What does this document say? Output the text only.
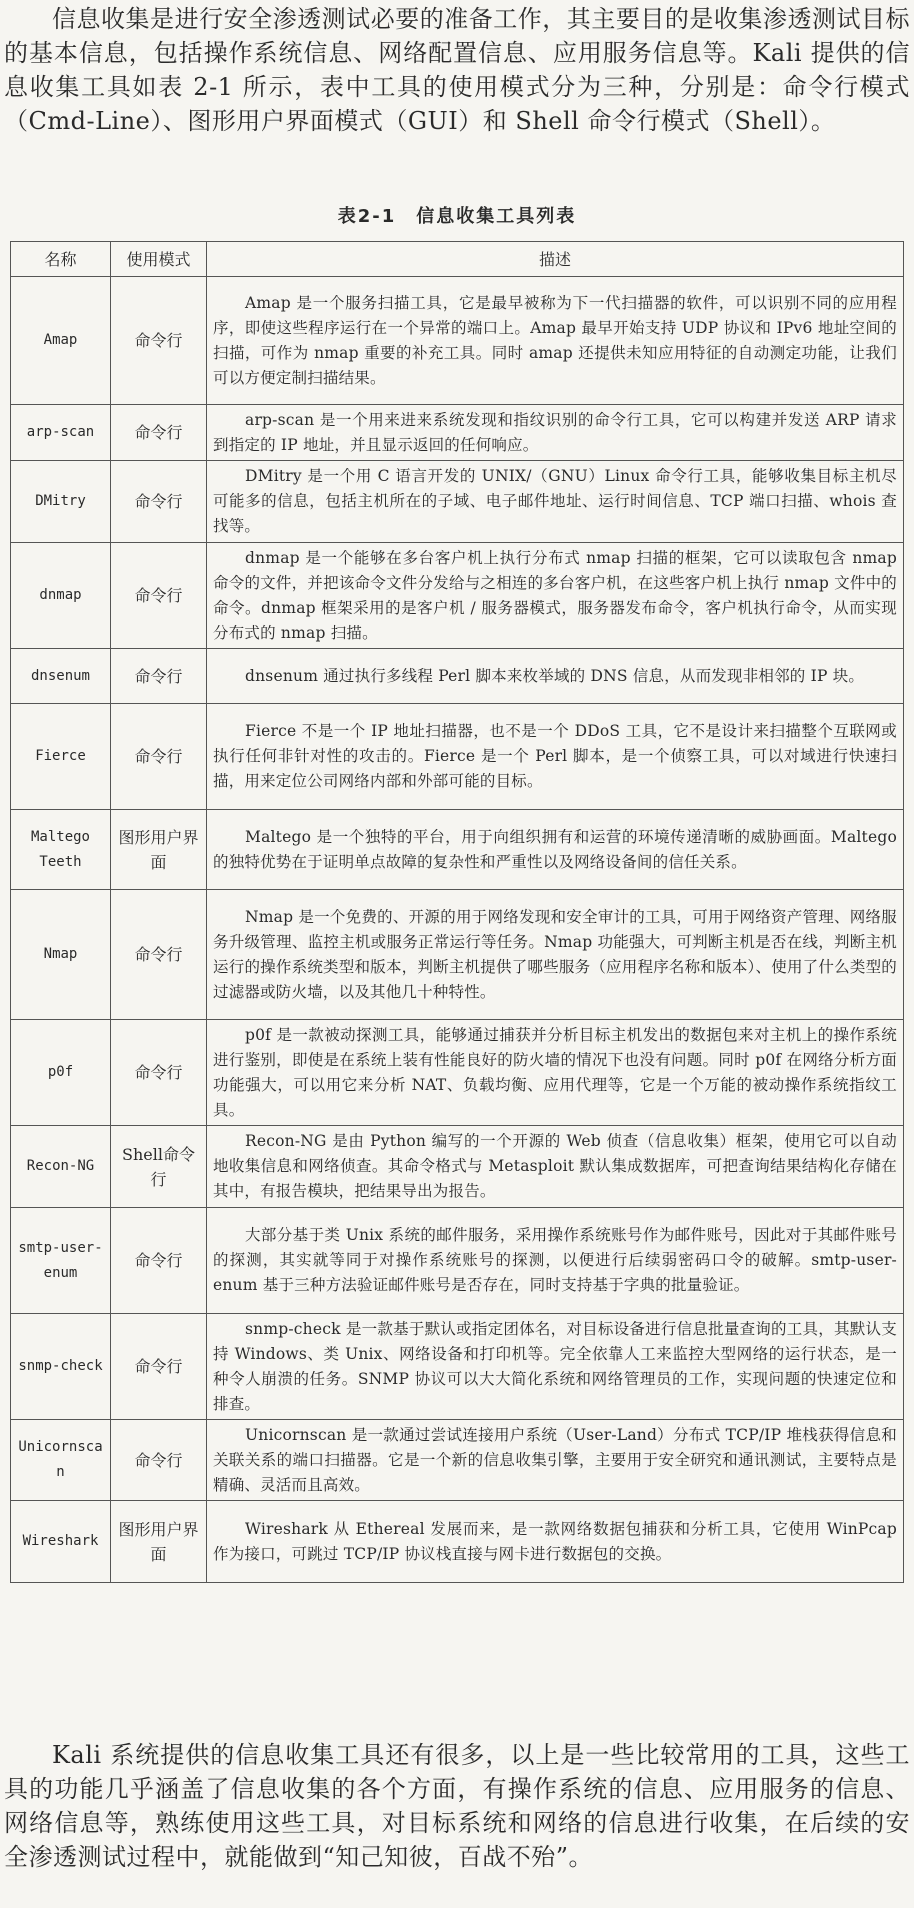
信息收集是进行安全渗透测试必要的准备工作，其主要目的是收集渗透测试目标的基本信息，包括操作系统信息、网络配置信息、应用服务信息等。Kali 提供的信息收集工具如表 2-1 所示，表中工具的使用模式分为三种，分别是：命令行模式（Cmd-Line）、图形用户界面模式（GUI）和 Shell 命令行模式（Shell）。

表2-1　信息收集工具列表
名称	使用模式	描述
Amap	命令行	Amap 是一个服务扫描工具，它是最早被称为下一代扫描器的软件，可以识别不同的应用程序，即使这些程序运行在一个异常的端口上。Amap 最早开始支持 UDP 协议和 IPv6 地址空间的扫描，可作为 nmap 重要的补充工具。同时 amap 还提供未知应用特征的自动测定功能，让我们可以方便定制扫描结果。
arp-scan	命令行	arp-scan 是一个用来进来系统发现和指纹识别的命令行工具，它可以构建并发送 ARP 请求到指定的 IP 地址，并且显示返回的任何响应。
DMitry	命令行	DMitry 是一个用 C 语言开发的 UNIX/（GNU）Linux 命令行工具，能够收集目标主机尽可能多的信息，包括主机所在的子域、电子邮件地址、运行时间信息、TCP 端口扫描、whois 查找等。
dnmap	命令行	dnmap 是一个能够在多台客户机上执行分布式 nmap 扫描的框架，它可以读取包含 nmap 命令的文件，并把该命令文件分发给与之相连的多台客户机，在这些客户机上执行 nmap 文件中的命令。dnmap 框架采用的是客户机 / 服务器模式，服务器发布命令，客户机执行命令，从而实现分布式的 nmap 扫描。
dnsenum	命令行	dnsenum 通过执行多线程 Perl 脚本来枚举域的 DNS 信息，从而发现非相邻的 IP 块。
Fierce	命令行	Fierce 不是一个 IP 地址扫描器，也不是一个 DDoS 工具，它不是设计来扫描整个互联网或执行任何非针对性的攻击的。Fierce 是一个 Perl 脚本，是一个侦察工具，可以对域进行快速扫描，用来定位公司网络内部和外部可能的目标。
Maltego Teeth	图形用户界面	Maltego 是一个独特的平台，用于向组织拥有和运营的环境传递清晰的威胁画面。Maltego 的独特优势在于证明单点故障的复杂性和严重性以及网络设备间的信任关系。
Nmap	命令行	Nmap 是一个免费的、开源的用于网络发现和安全审计的工具，可用于网络资产管理、网络服务升级管理、监控主机或服务正常运行等任务。Nmap 功能强大，可判断主机是否在线，判断主机运行的操作系统类型和版本，判断主机提供了哪些服务（应用程序名称和版本）、使用了什么类型的过滤器或防火墙，以及其他几十种特性。
p0f	命令行	p0f 是一款被动探测工具，能够通过捕获并分析目标主机发出的数据包来对主机上的操作系统进行鉴别，即使是在系统上装有性能良好的防火墙的情况下也没有问题。同时 p0f 在网络分析方面功能强大，可以用它来分析 NAT、负载均衡、应用代理等，它是一个万能的被动操作系统指纹工具。
Recon-NG	Shell命令行	Recon-NG 是由 Python 编写的一个开源的 Web 侦查（信息收集）框架，使用它可以自动地收集信息和网络侦查。其命令格式与 Metasploit 默认集成数据库，可把查询结果结构化存储在其中，有报告模块，把结果导出为报告。
smtp-user-enum	命令行	大部分基于类 Unix 系统的邮件服务，采用操作系统账号作为邮件账号，因此对于其邮件账号的探测，其实就等同于对操作系统账号的探测，以便进行后续弱密码口令的破解。smtp-user-enum 基于三种方法验证邮件账号是否存在，同时支持基于字典的批量验证。
snmp-check	命令行	snmp-check 是一款基于默认或指定团体名，对目标设备进行信息批量查询的工具，其默认支持 Windows、类 Unix、网络设备和打印机等。完全依靠人工来监控大型网络的运行状态，是一种令人崩溃的任务。SNMP 协议可以大大简化系统和网络管理员的工作，实现问题的快速定位和排查。
Unicornscan	命令行	Unicornscan 是一款通过尝试连接用户系统（User-Land）分布式 TCP/IP 堆栈获得信息和关联关系的端口扫描器。它是一个新的信息收集引擎，主要用于安全研究和通讯测试，主要特点是精确、灵活而且高效。
Wireshark	图形用户界面	Wireshark 从 Ethereal 发展而来，是一款网络数据包捕获和分析工具，它使用 WinPcap 作为接口，可跳过 TCP/IP 协议栈直接与网卡进行数据包的交换。

Kali 系统提供的信息收集工具还有很多，以上是一些比较常用的工具，这些工具的功能几乎涵盖了信息收集的各个方面，有操作系统的信息、应用服务的信息、网络信息等，熟练使用这些工具，对目标系统和网络的信息进行收集，在后续的安全渗透测试过程中，就能做到“知己知彼，百战不殆”。
